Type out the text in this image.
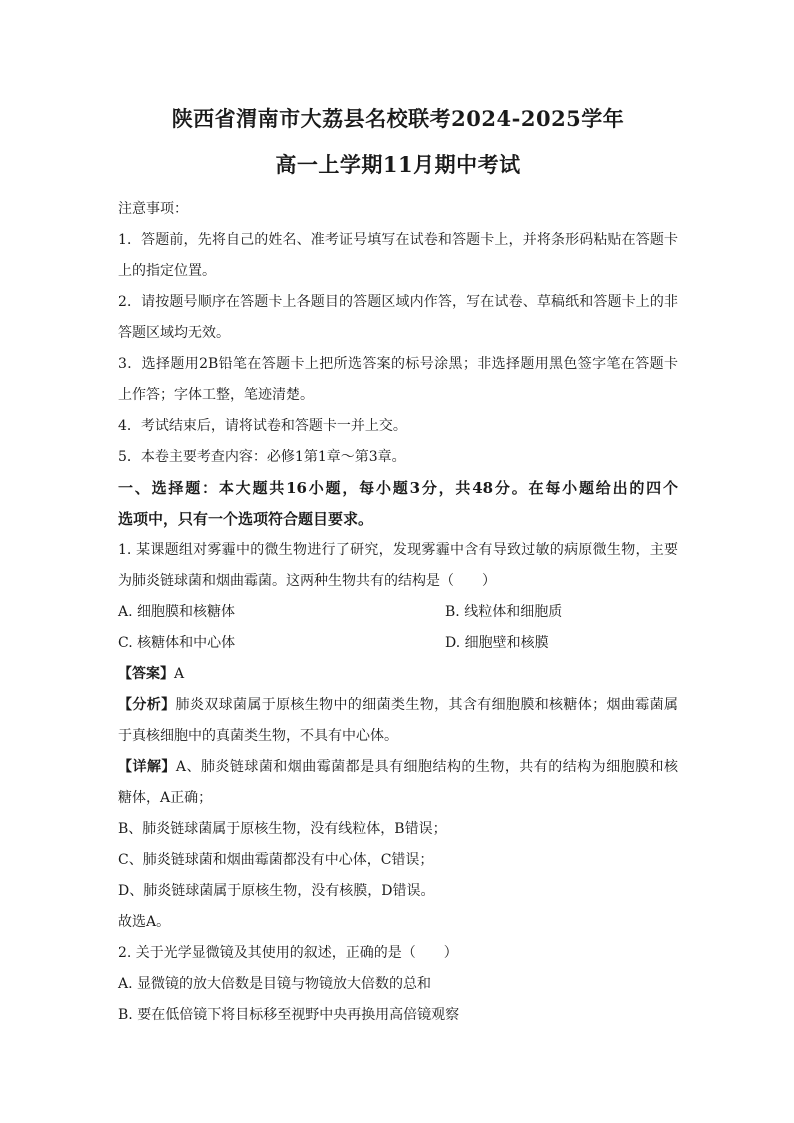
陕西省渭南市大荔县名校联考2024-2025学年
高一上学期11月期中考试
注意事项：
1．答题前，先将自己的姓名、准考证号填写在试卷和答题卡上，并将条形码粘贴在答题卡
上的指定位置。
2．请按题号顺序在答题卡上各题目的答题区域内作答，写在试卷、草稿纸和答题卡上的非
答题区域均无效。
3．选择题用2B铅笔在答题卡上把所选答案的标号涂黑；非选择题用黑色签字笔在答题卡
上作答；字体工整，笔迹清楚。
4．考试结束后，请将试卷和答题卡一并上交。
5．本卷主要考查内容：必修1第1章～第3章。
一、选择题：本大题共16小题，每小题3分，共48分。在每小题给出的四个
选项中，只有一个选项符合题目要求。
1. 某课题组对雾霾中的微生物进行了研究，发现雾霾中含有导致过敏的病原微生物，主要
为肺炎链球菌和烟曲霉菌。这两种生物共有的结构是（　　）
A. 细胞膜和核糖体	B. 线粒体和细胞质
C. 核糖体和中心体	D. 细胞壁和核膜
【答案】A
【分析】肺炎双球菌属于原核生物中的细菌类生物，其含有细胞膜和核糖体；烟曲霉菌属
于真核细胞中的真菌类生物，不具有中心体。
【详解】A、肺炎链球菌和烟曲霉菌都是具有细胞结构的生物，共有的结构为细胞膜和核
糖体，A正确；
B、肺炎链球菌属于原核生物，没有线粒体，B错误；
C、肺炎链球菌和烟曲霉菌都没有中心体，C错误；
D、肺炎链球菌属于原核生物，没有核膜，D错误。
故选A。
2. 关于光学显微镜及其使用的叙述，正确的是（　　）
A. 显微镜的放大倍数是目镜与物镜放大倍数的总和
B. 要在低倍镜下将目标移至视野中央再换用高倍镜观察
